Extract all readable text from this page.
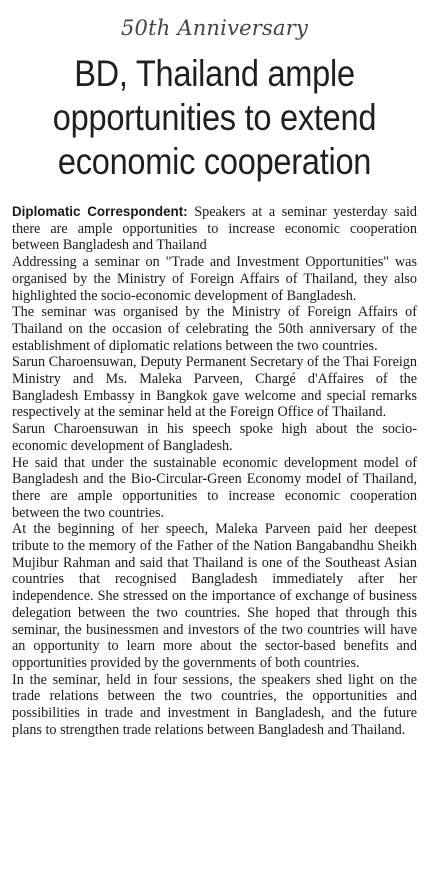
50th Anniversary
BD, Thailand ample
opportunities to extend
economic cooperation

Diplomatic Correspondent: Speakers at a seminar yesterday said there are ample opportunities to increase economic cooperation between Bangladesh and Thailand

Addressing a seminar on "Trade and Investment Opportunities" was organised by the Ministry of Foreign Affairs of Thailand, they also highlighted the socio-economic development of Bangladesh.

The seminar was organised by the Ministry of Foreign Affairs of Thailand on the occasion of celebrating the 50th anniversary of the establishment of diplomatic relations between the two countries.

Sarun Charoensuwan, Deputy Permanent Secretary of the Thai Foreign Ministry and Ms. Maleka Parveen, Chargé d'Affaires of the Bangladesh Embassy in Bangkok gave welcome and special remarks respectively at the seminar held at the Foreign Office of Thailand.

Sarun Charoensuwan in his speech spoke high about the socio-economic development of Bangladesh.

He said that under the sustainable economic development model of Bangladesh and the Bio-Circular-Green Economy model of Thailand, there are ample opportunities to increase economic cooperation between the two countries.

At the beginning of her speech, Maleka Parveen paid her deepest tribute to the memory of the Father of the Nation Bangabandhu Sheikh Mujibur Rahman and said that Thailand is one of the Southeast Asian countries that recognised Bangladesh immediately after her independence. She stressed on the importance of exchange of business delegation between the two countries. She hoped that through this seminar, the businessmen and investors of the two countries will have an opportunity to learn more about the sector-based benefits and opportunities provided by the governments of both countries.

In the seminar, held in four sessions, the speakers shed light on the trade relations between the two countries, the opportunities and possibilities in trade and investment in Bangladesh, and the future plans to strengthen trade relations between Bangladesh and Thailand.
